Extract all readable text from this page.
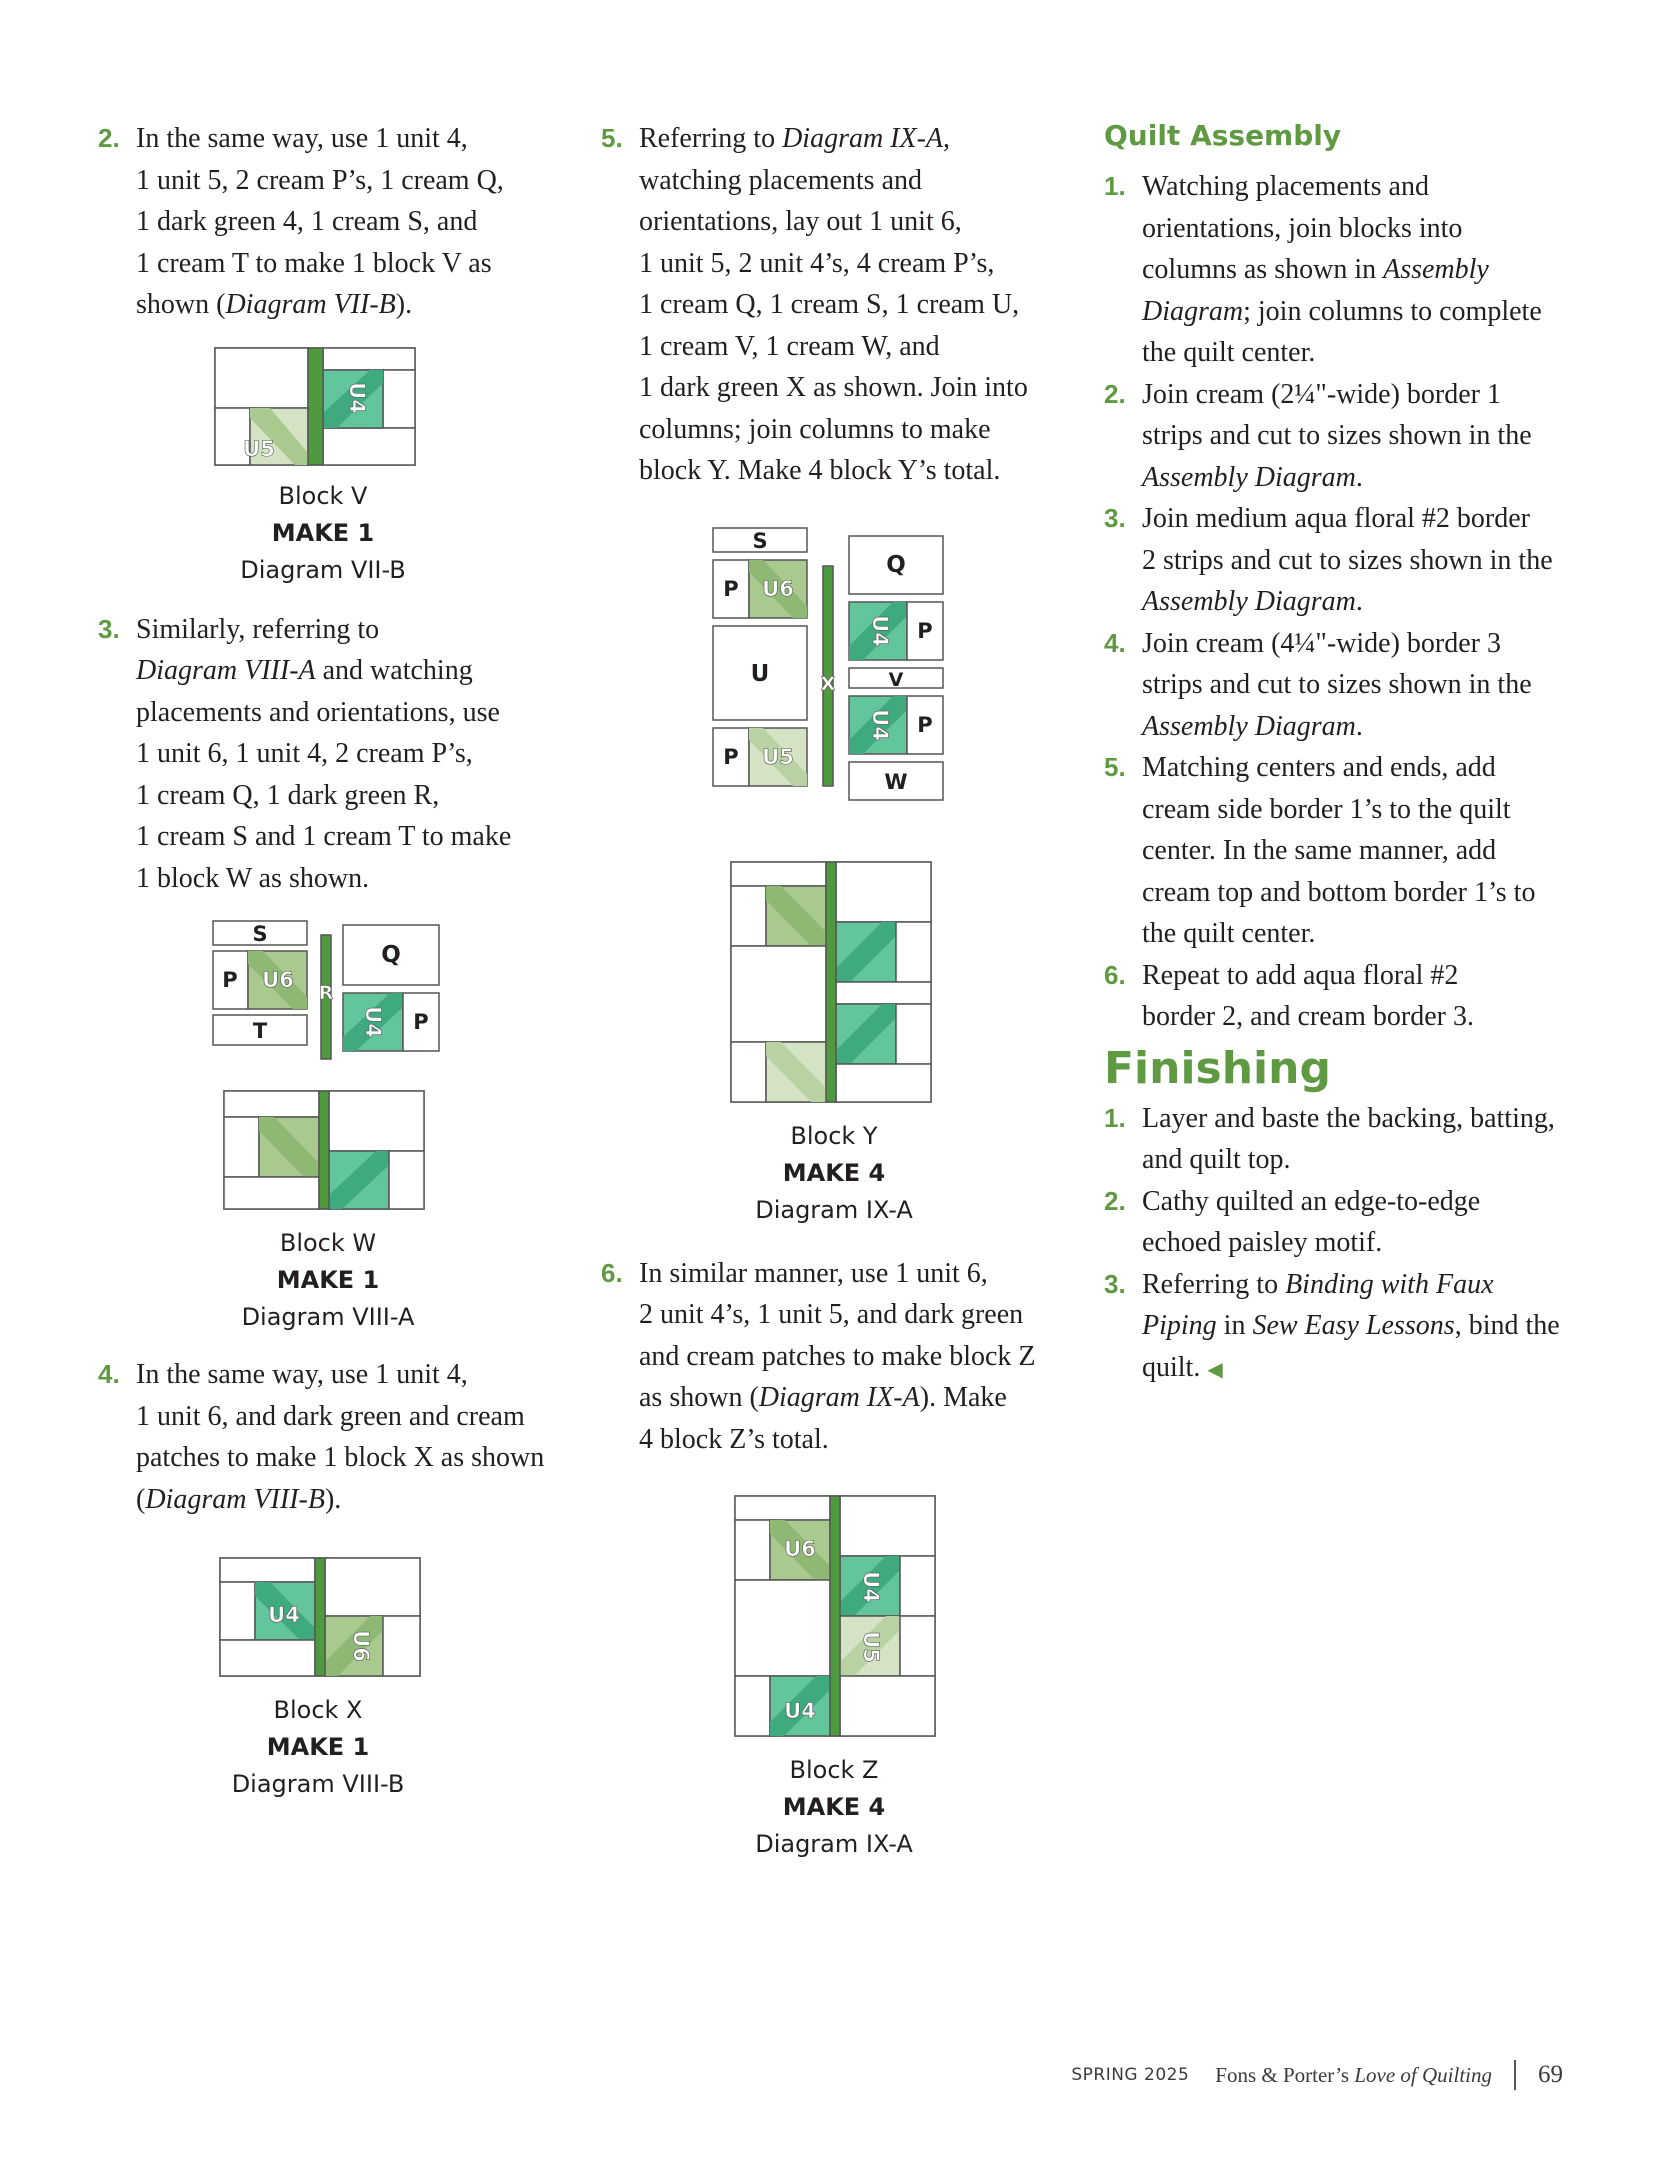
2. In the same way, use 1 unit 4,
1 unit 5, 2 cream P’s, 1 cream Q,
1 dark green 4, 1 cream S, and
1 cream T to make 1 block V as
shown (Diagram VII-B).
U4
U5
Block V
MAKE 1
Diagram VII-B
3. Similarly, referring to
Diagram VIII-A and watching
placements and orientations, use
1 unit 6, 1 unit 4, 2 cream P’s,
1 cream Q, 1 dark green R,
1 cream S and 1 cream T to make
1 block W as shown.
S
P U6
R
T
Q
U4 P
Block W
MAKE 1
Diagram VIII-A
4. In the same way, use 1 unit 4,
1 unit 6, and dark green and cream
patches to make 1 block X as shown
(Diagram VIII-B).
U4
U6
Block X
MAKE 1
Diagram VIII-B
5. Referring to Diagram IX-A,
watching placements and
orientations, lay out 1 unit 6,
1 unit 5, 2 unit 4’s, 4 cream P’s,
1 cream Q, 1 cream S, 1 cream U,
1 cream V, 1 cream W, and
1 dark green X as shown. Join into
columns; join columns to make
block Y. Make 4 block Y’s total.
S
P U6
U
P U5
X
Q
U4 P
V
U4 P
W
Block Y
MAKE 4
Diagram IX-A
6. In similar manner, use 1 unit 6,
2 unit 4’s, 1 unit 5, and dark green
and cream patches to make block Z
as shown (Diagram IX-A). Make
4 block Z’s total.
U6
U4
U5
U4
Block Z
MAKE 4
Diagram IX-A
Quilt Assembly
1. Watching placements and
orientations, join blocks into
columns as shown in Assembly
Diagram; join columns to complete
the quilt center.
2. Join cream (2¼"-wide) border 1
strips and cut to sizes shown in the
Assembly Diagram.
3. Join medium aqua floral #2 border
2 strips and cut to sizes shown in the
Assembly Diagram.
4. Join cream (4¼"-wide) border 3
strips and cut to sizes shown in the
Assembly Diagram.
5. Matching centers and ends, add
cream side border 1’s to the quilt
center. In the same manner, add
cream top and bottom border 1’s to
the quilt center.
6. Repeat to add aqua floral #2
border 2, and cream border 3.
Finishing
1. Layer and baste the backing, batting,
and quilt top.
2. Cathy quilted an edge-to-edge
echoed paisley motif.
3. Referring to Binding with Faux
Piping in Sew Easy Lessons, bind the
quilt. ◀
SPRING 2025 Fons & Porter’s Love of Quilting 69
